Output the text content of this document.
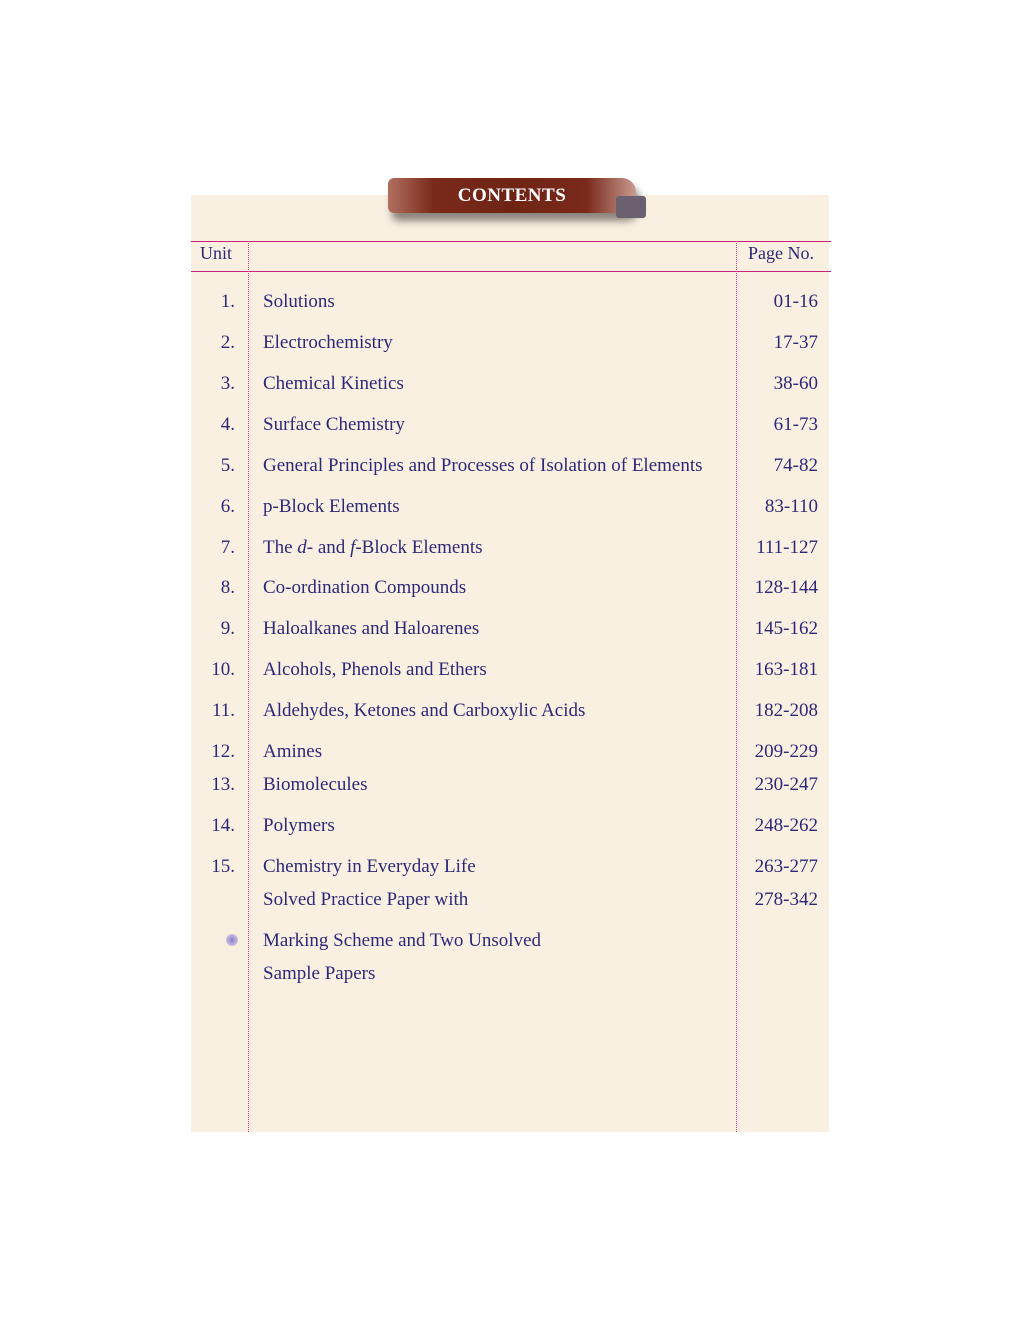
CONTENTS
Unit	Page No.
1. Solutions	01-16
2. Electrochemistry	17-37
3. Chemical Kinetics	38-60
4. Surface Chemistry	61-73
5. General Principles and Processes of Isolation of Elements	74-82
6. p-Block Elements	83-110
7. The d- and f-Block Elements	111-127
8. Co-ordination Compounds	128-144
9. Haloalkanes and Haloarenes	145-162
10. Alcohols, Phenols and Ethers	163-181
11. Aldehydes, Ketones and Carboxylic Acids	182-208
12. Amines	209-229
13. Biomolecules	230-247
14. Polymers	248-262
15. Chemistry in Everyday Life	263-277
Solved Practice Paper with	278-342
Marking Scheme and Two Unsolved
Sample Papers
